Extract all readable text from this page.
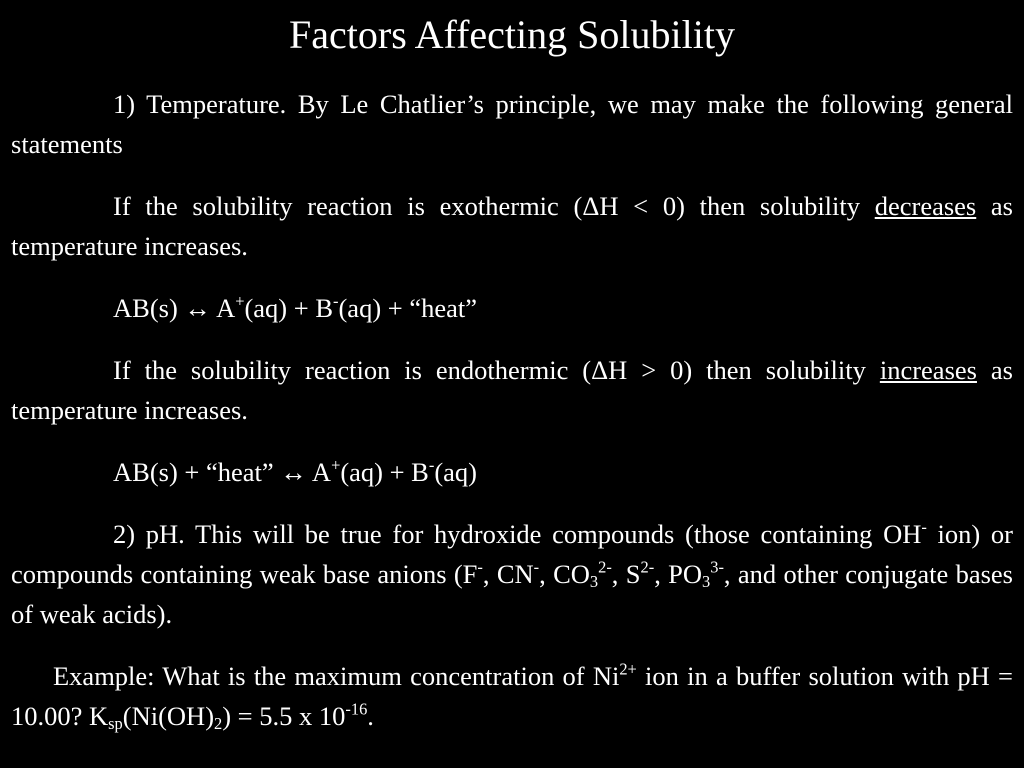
Factors Affecting Solubility
1) Temperature. By Le Chatlier’s principle, we may make the following general statements
If the solubility reaction is exothermic (ΔH < 0) then solubility decreases as temperature increases.
AB(s) ↔ A+(aq) + B-(aq) + “heat”
If the solubility reaction is endothermic (ΔH > 0) then solubility increases as temperature increases.
AB(s) + “heat” ↔ A+(aq) + B-(aq)
2) pH. This will be true for hydroxide compounds (those containing OH- ion) or compounds containing weak base anions (F-, CN-, $CO_3^{2-}$, $S^{2-}$, $PO_3^{3-}$, and other conjugate bases of weak acids).
Example: What is the maximum concentration of $Ni^{2+}$ ion in a buffer solution with pH = 10.00? $K_{sp}(Ni(OH)_2) = 5.5$ x $10^{-16}$.
